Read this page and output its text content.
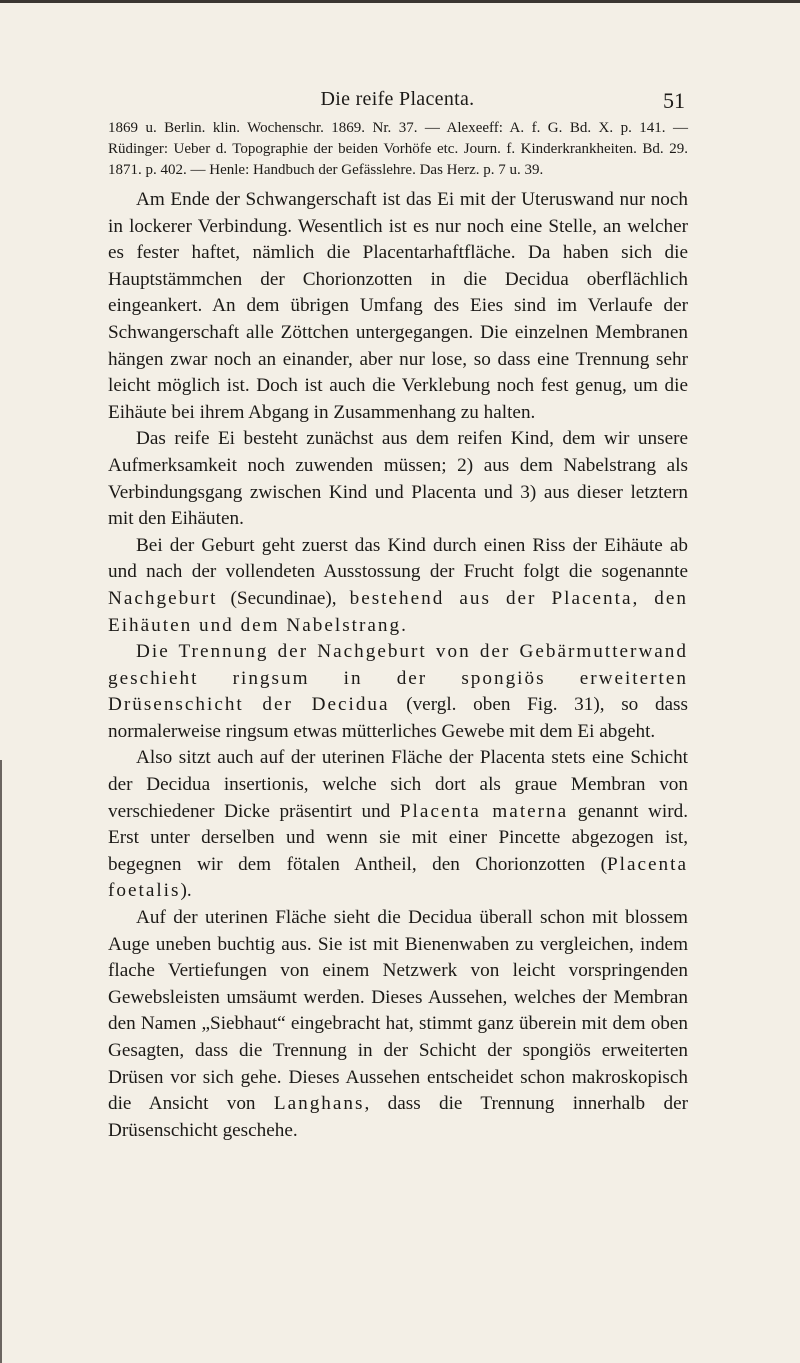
Die reife Placenta.	51

1869 u. Berlin. klin. Wochenschr. 1869. Nr. 37. — Alexeeff: A. f. G. Bd. X. p. 141. — Rüdinger: Ueber d. Topographie der beiden Vorhöfe etc. Journ. f. Kinderkrankheiten. Bd. 29. 1871. p. 402. — Henle: Handbuch der Gefässlehre. Das Herz. p. 7 u. 39.

Am Ende der Schwangerschaft ist das Ei mit der Uteruswand nur noch in lockerer Verbindung. Wesentlich ist es nur noch eine Stelle, an welcher es fester haftet, nämlich die Placentarhaftfläche. Da haben sich die Hauptstämmchen der Chorionzotten in die Decidua oberflächlich eingeankert. An dem übrigen Umfang des Eies sind im Verlaufe der Schwangerschaft alle Zöttchen untergegangen. Die einzelnen Membranen hängen zwar noch an einander, aber nur lose, so dass eine Trennung sehr leicht möglich ist. Doch ist auch die Verklebung noch fest genug, um die Eihäute bei ihrem Abgang in Zusammenhang zu halten.

Das reife Ei besteht zunächst aus dem reifen Kind, dem wir unsere Aufmerksamkeit noch zuwenden müssen; 2) aus dem Nabelstrang als Verbindungsgang zwischen Kind und Placenta und 3) aus dieser letztern mit den Eihäuten.

Bei der Geburt geht zuerst das Kind durch einen Riss der Eihäute ab und nach der vollendeten Ausstossung der Frucht folgt die sogenannte Nachgeburt (Secundinae), bestehend aus der Placenta, den Eihäuten und dem Nabelstrang.

Die Trennung der Nachgeburt von der Gebärmutterwand geschieht ringsum in der spongiös erweiterten Drüsenschicht der Decidua (vergl. oben Fig. 31), so dass normalerweise ringsum etwas mütterliches Gewebe mit dem Ei abgeht.

Also sitzt auch auf der uterinen Fläche der Placenta stets eine Schicht der Decidua insertionis, welche sich dort als graue Membran von verschiedener Dicke präsentirt und Placenta materna genannt wird. Erst unter derselben und wenn sie mit einer Pincette abgezogen ist, begegnen wir dem fötalen Antheil, den Chorionzotten (Placenta foetalis).

Auf der uterinen Fläche sieht die Decidua überall schon mit blossem Auge uneben buchtig aus. Sie ist mit Bienenwaben zu vergleichen, indem flache Vertiefungen von einem Netzwerk von leicht vorspringenden Gewebsleisten umsäumt werden. Dieses Aussehen, welches der Membran den Namen „Siebhaut“ eingebracht hat, stimmt ganz überein mit dem oben Gesagten, dass die Trennung in der Schicht der spongiös erweiterten Drüsen vor sich gehe. Dieses Aussehen entscheidet schon makroskopisch die Ansicht von Langhans, dass die Trennung innerhalb der Drüsenschicht geschehe.
